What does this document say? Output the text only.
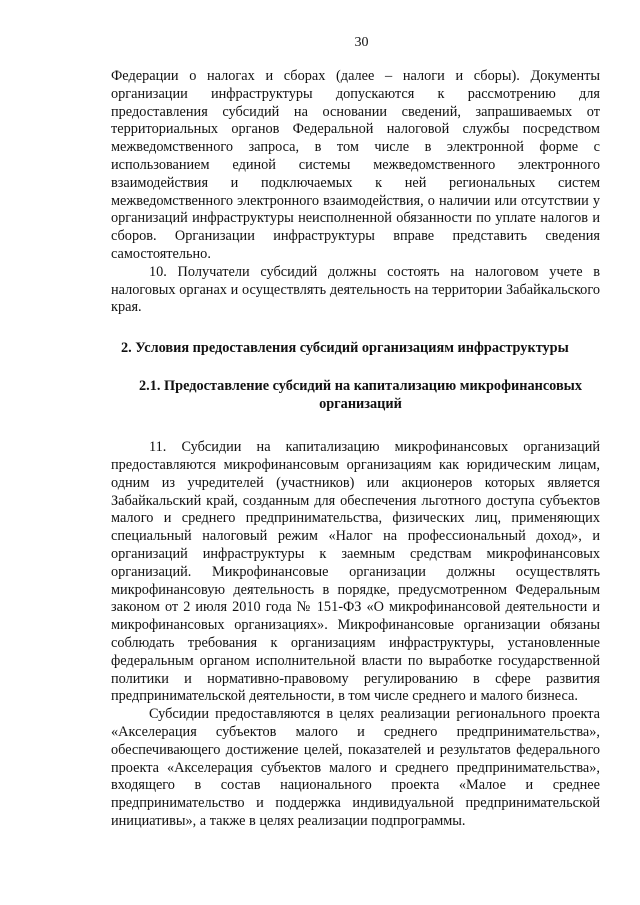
30

Федерации о налогах и сборах (далее – налоги и сборы). Документы организации инфраструктуры допускаются к рассмотрению для предоставления субсидий на основании сведений, запрашиваемых от территориальных органов Федеральной налоговой службы посредством межведомственного запроса, в том числе в электронной форме с использованием единой системы межведомственного электронного взаимодействия и подключаемых к ней региональных систем межведомственного электронного взаимодействия, о наличии или отсутствии у организаций инфраструктуры неисполненной обязанности по уплате налогов и сборов. Организации инфраструктуры вправе представить сведения самостоятельно.

10. Получатели субсидий должны состоять на налоговом учете в налоговых органах и осуществлять деятельность на территории Забайкальского края.

2. Условия предоставления субсидий организациям инфраструктуры
2.1. Предоставление субсидий на капитализацию микрофинансовых
организаций

11. Субсидии на капитализацию микрофинансовых организаций предоставляются микрофинансовым организациям как юридическим лицам, одним из учредителей (участников) или акционеров которых является Забайкальский край, созданным для обеспечения льготного доступа субъектов малого и среднего предпринимательства, физических лиц, применяющих специальный налоговый режим «Налог на профессиональный доход», и организаций инфраструктуры к заемным средствам микрофинансовых организаций. Микрофинансовые организации должны осуществлять микрофинансовую деятельность в порядке, предусмотренном Федеральным законом от 2 июля 2010 года № 151-ФЗ «О микрофинансовой деятельности и микрофинансовых организациях». Микрофинансовые организации обязаны соблюдать требования к организациям инфраструктуры, установленные федеральным органом исполнительной власти по выработке государственной политики и нормативно-правовому регулированию в сфере развития предпринимательской деятельности, в том числе среднего и малого бизнеса.

Субсидии предоставляются в целях реализации регионального проекта «Акселерация субъектов малого и среднего предпринимательства», обеспечивающего достижение целей, показателей и результатов федерального проекта «Акселерация субъектов малого и среднего предпринимательства», входящего в состав национального проекта «Малое и среднее предпринимательство и поддержка индивидуальной предпринимательской инициативы», а также в целях реализации подпрограммы.
